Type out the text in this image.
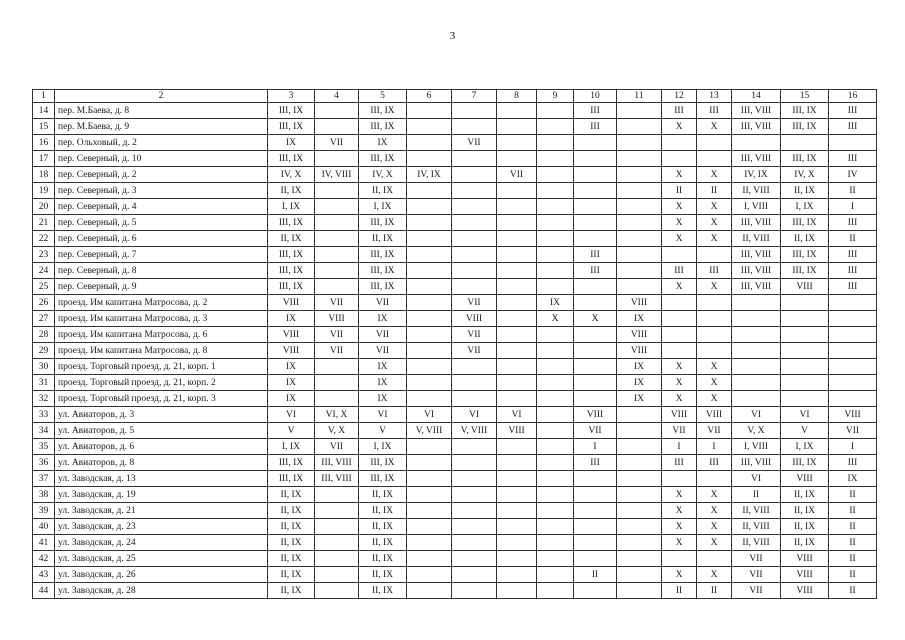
3
1	2	3	4	5	6	7	8	9	10	11	12	13	14	15	16
14	пер. М.Баева, д. 8	III, IX		III, IX					III		III	III	III, VIII	III, IX	III
15	пер. М.Баева, д. 9	III, IX		III, IX					III		X	X	III, VIII	III, IX	III
16	пер. Ольховый, д. 2	IX	VII	IX		VII									
17	пер. Северный, д. 10	III, IX		III, IX									III, VIII	III, IX	III
18	пер. Северный, д. 2	IV, X	IV, VIII	IV, X	IV, IX		VII				X	X	IV, IX	IV, X	IV
19	пер. Северный, д. 3	II, IX		II, IX							II	II	II, VIII	II, IX	II
20	пер. Северный, д. 4	I, IX		I, IX							X	X	I, VIII	I, IX	I
21	пер. Северный, д. 5	III, IX		III, IX							X	X	III, VIII	III, IX	III
22	пер. Северный, д. 6	II, IX		II, IX							X	X	II, VIII	II, IX	II
23	пер. Северный, д. 7	III, IX		III, IX					III				III, VIII	III, IX	III
24	пер. Северный, д. 8	III, IX		III, IX					III		III	III	III, VIII	III, IX	III
25	пер. Северный, д. 9	III, IX		III, IX							X	X	III, VIII	VIII	III
26	проезд. Им капитана Матросова, д. 2	VIII	VII	VII		VII		IX		VIII					
27	проезд. Им капитана Матросова, д. 3	IX	VIII	IX		VIII		X	X	IX					
28	проезд. Им капитана Матросова, д. 6	VIII	VII	VII		VII				VIII					
29	проезд. Им капитана Матросова, д. 8	VIII	VII	VII		VII				VIII					
30	проезд. Торговый проезд, д. 21, корп. 1	IX		IX						IX	X	X			
31	проезд. Торговый проезд, д. 21, корп. 2	IX		IX						IX	X	X			
32	проезд. Торговый проезд, д. 21, корп. 3	IX		IX						IX	X	X			
33	ул. Авиаторов, д. 3	VI	VI, X	VI	VI	VI	VI		VIII		VIII	VIII	VI	VI	VIII
34	ул. Авиаторов, д. 5	V	V, X	V	V, VIII	V, VIII	VIII		VII		VII	VII	V, X	V	VII
35	ул. Авиаторов, д. 6	I, IX	VII	I, IX					I		I	I	I, VIII	I, IX	I
36	ул. Авиаторов, д. 8	III, IX	III, VIII	III, IX					III		III	III	III, VIII	III, IX	III
37	ул. Заводская, д. 13	III, IX	III, VIII	III, IX									VI	VIII	IX
38	ул. Заводская, д. 19	II, IX		II, IX							X	X	II	II, IX	II
39	ул. Заводская, д. 21	II, IX		II, IX							X	X	II, VIII	II, IX	II
40	ул. Заводская, д. 23	II, IX		II, IX							X	X	II, VIII	II, IX	II
41	ул. Заводская, д. 24	II, IX		II, IX							X	X	II, VIII	II, IX	II
42	ул. Заводская, д. 25	II, IX		II, IX									VII	VIII	II
43	ул. Заводская, д. 26	II, IX		II, IX					II		X	X	VII	VIII	II
44	ул. Заводская, д. 28	II, IX		II, IX							II	II	VII	VIII	II
